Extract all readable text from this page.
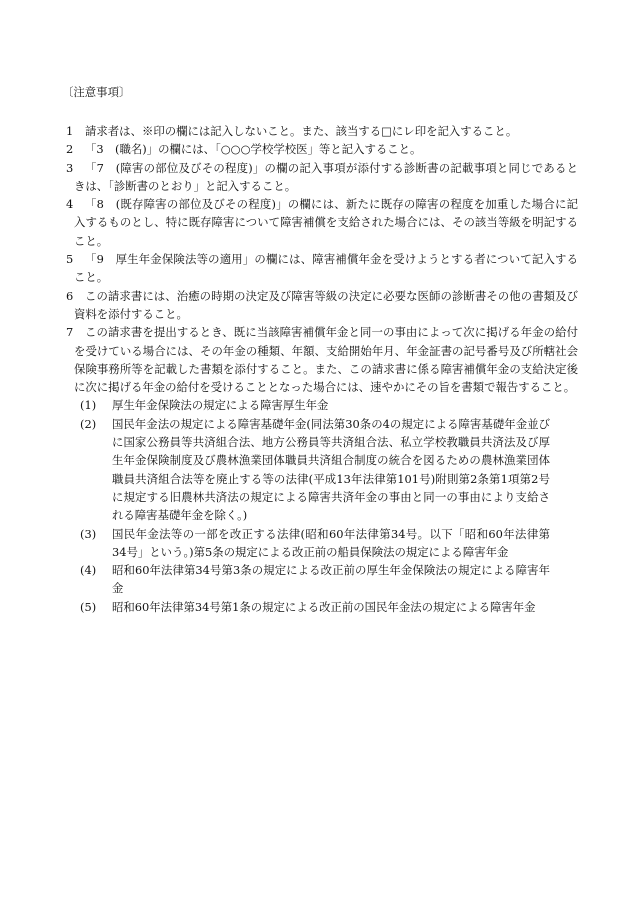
〔注意事項〕
1	請求者は、※印の欄には記入しないこと。また、該当する□にレ印を記入すること。
2	「3　(職名)」の欄には、「○○○学校学校医」等と記入すること。
3	「7　(障害の部位及びその程度)」の欄の記入事項が添付する診断書の記載事項と同じであるときは、「診断書のとおり」と記入すること。
4	「8　(既存障害の部位及びその程度)」の欄には、新たに既存の障害の程度を加重した場合に記入するものとし、特に既存障害について障害補償を支給された場合には、その該当等級を明記すること。
5	「9　厚生年金保険法等の適用」の欄には、障害補償年金を受けようとする者について記入すること。
6	この請求書には、治癒の時期の決定及び障害等級の決定に必要な医師の診断書その他の書類及び資料を添付すること。
7	この請求書を提出するとき、既に当該障害補償年金と同一の事由によって次に掲げる年金の給付を受けている場合には、その年金の種類、年額、支給開始年月、年金証書の記号番号及び所轄社会保険事務所等を記載した書類を添付すること。また、この請求書に係る障害補償年金の支給決定後に次に掲げる年金の給付を受けることとなった場合には、速やかにその旨を書類で報告すること。
(1) 厚生年金保険法の規定による障害厚生年金
(2) 国民年金法の規定による障害基礎年金(同法第30条の4の規定による障害基礎年金並びに国家公務員等共済組合法、地方公務員等共済組合法、私立学校教職員共済法及び厚生年金保険制度及び農林漁業団体職員共済組合制度の統合を図るための農林漁業団体職員共済組合法等を廃止する等の法律(平成13年法律第101号)附則第2条第1項第2号に規定する旧農林共済法の規定による障害共済年金の事由と同一の事由により支給される障害基礎年金を除く。)
(3) 国民年金法等の一部を改正する法律(昭和60年法律第34号。以下「昭和60年法律第34号」という。)第5条の規定による改正前の船員保険法の規定による障害年金
(4) 昭和60年法律第34号第3条の規定による改正前の厚生年金保険法の規定による障害年金
(5) 昭和60年法律第34号第1条の規定による改正前の国民年金法の規定による障害年金
